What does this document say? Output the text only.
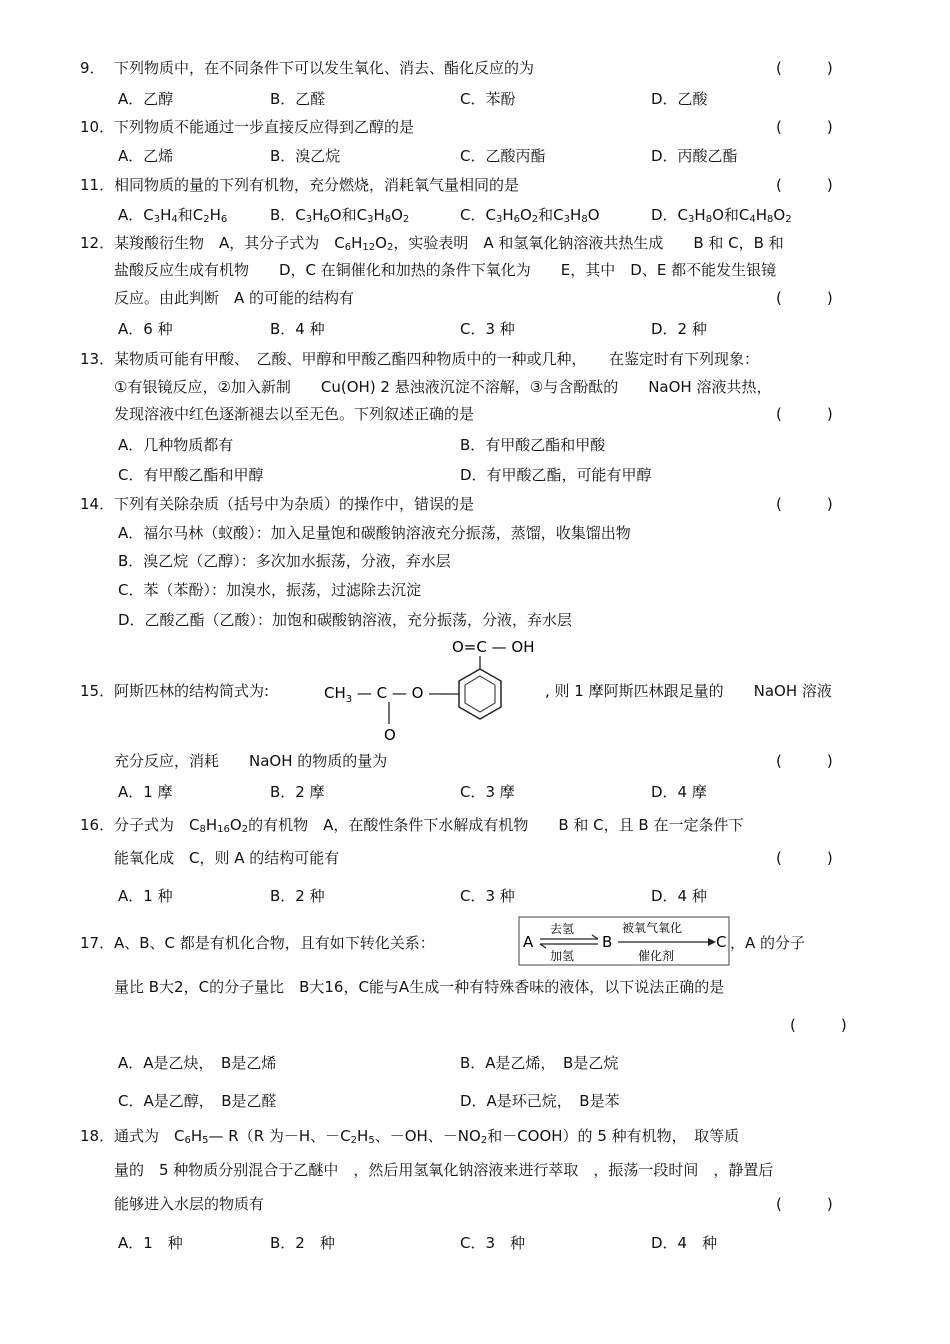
9． 下列物质中，在不同条件下可以发生氧化、消去、酯化反应的为	(　　　)
A．乙醇	B．乙醛	C．苯酚	D．乙酸
10． 下列物质不能通过一步直接反应得到乙醇的是	(　　　)
A．乙烯	B．溴乙烷	C．乙酸丙酯	D．丙酸乙酯
11． 相同物质的量的下列有机物，充分燃烧，消耗氧气量相同的是	(　　　)
A．$C_3H_4$和$C_2H_6$	B．$C_3H_6O$和$C_3H_8O_2$	C．$C_3H_6O_2$和$C_3H_8O$	D．$C_3H_8O$和$C_4H_8O_2$
12． 某羧酸衍生物　A，其分子式为　$C_6H_{12}O_2$，实验表明　A 和氢氧化钠溶液共热生成　　B 和 C，B 和
盐酸反应生成有机物　　D，C 在铜催化和加热的条件下氧化为　　E，其中　D、E 都不能发生银镜
反应。由此判断　A 的可能的结构有	(　　　)
A．6 种	B．4 种	C．3 种	D．2 种
13． 某物质可能有甲酸、　乙酸、甲醇和甲酸乙酯四种物质中的一种或几种，　　在鉴定时有下列现象：
①有银镜反应，②加入新制　　Cu(OH) 2 悬浊液沉淀不溶解，③与含酚酞的　　NaOH 溶液共热，
发现溶液中红色逐渐褪去以至无色。下列叙述正确的是	(　　　)
A．几种物质都有	B．有甲酸乙酯和甲酸
C．有甲酸乙酯和甲醇	D．有甲酸乙酯，可能有甲醇
14． 下列有关除杂质（括号中为杂质）的操作中，错误的是	(　　　)
A．福尔马林（蚁酸）：加入足量饱和碳酸钠溶液充分振荡，蒸馏，收集馏出物
B．溴乙烷（乙醇）：多次加水振荡，分液，弃水层
C．苯（苯酚）：加溴水，振荡，过滤除去沉淀
D．乙酸乙酯（乙酸）：加饱和碳酸钠溶液，充分振荡，分液，弃水层
15． 阿斯匹林的结构简式为:
O=C — OH
$CH_3$ — C — O —
O
, 则 1 摩阿斯匹林跟足量的　　NaOH 溶液
充分反应，消耗　　NaOH 的物质的量为	(　　　)
A．1 摩	B．2 摩	C．3 摩	D．4 摩
16． 分子式为　$C_8H_{16}O_2$的有机物　A，在酸性条件下水解成有机物　　B 和 C，且 B 在一定条件下
能氧化成　C，则 A 的结构可能有	(　　　)
A．1 种	B．2 种	C．3 种	D．4 种
17． A、B、C 都是有机化合物，且有如下转化关系：	A
去氢
加氢
B
被氧气氧化
催化剂
C ，A 的分子
量比 B大2，C的分子量比　B大16，C能与A生成一种有特殊香味的液体，以下说法正确的是
(　　　)
A．A是乙炔，　B是乙烯	B．A是乙烯，　B是乙烷
C．A是乙醇，　B是乙醛	D．A是环己烷，　B是苯
18． 通式为　$C_6H_5—$ R（R 为－H、$-C_2H_5$、－OH、$-NO_2$和－COOH）的 5 种有机物，　取等质
量的　5 种物质分别混合于乙醚中　，然后用氢氧化钠溶液来进行萃取　，振荡一段时间　，静置后
能够进入水层的物质有	(　　　)
A．1　种	B．2　种	C．3　种	D．4　种
